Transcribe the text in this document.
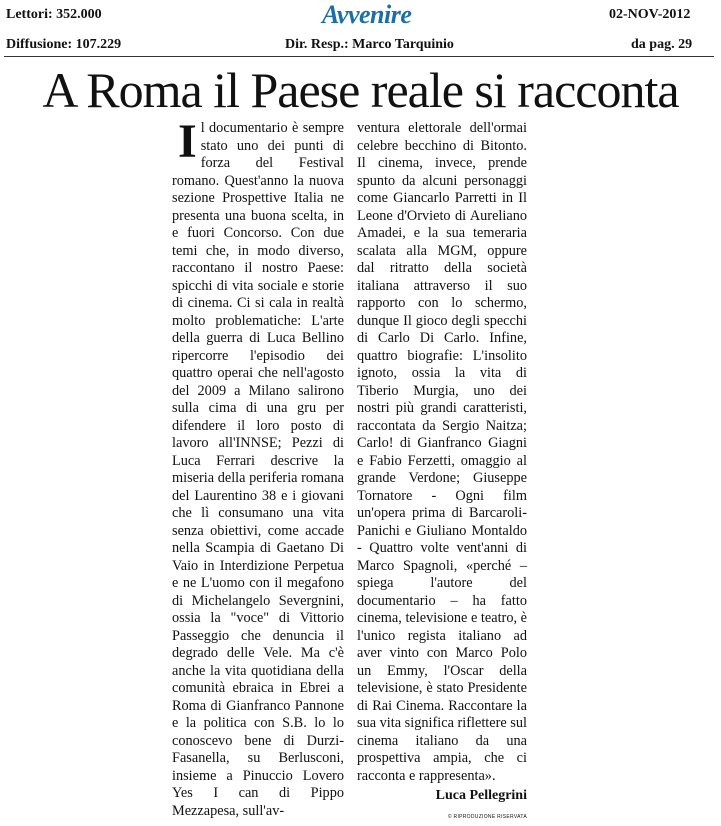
Lettori: 352.000	Avvenire	02-NOV-2012
Diffusione: 107.229	Dir. Resp.: Marco Tarquinio	da pag. 29
A Roma il Paese reale si racconta
I l documentario è sempre stato uno dei punti di forza del Festival romano. Quest'anno la nuova sezione Prospettive Italia ne presenta una buona scelta, in e fuori Concorso. Con due temi che, in modo diverso, raccontano il nostro Paese: spicchi di vita sociale e storie di cinema. Ci si cala in realtà molto problematiche: L'arte della guerra di Luca Bellino ripercorre l'episodio dei quattro operai che nell'agosto del 2009 a Milano salirono sulla cima di una gru per difendere il loro posto di lavoro all'INNSE; Pezzi di Luca Ferrari descrive la miseria della periferia romana del Laurentino 38 e i giovani che lì consumano una vita senza obiettivi, come accade nella Scampia di Gaetano Di Vaio in Interdizione Perpetua e ne L'uomo con il megafono di Michelangelo Severgnini, ossia la "voce" di Vittorio Passeggio che denuncia il degrado delle Vele. Ma c'è anche la vita quotidiana della comunità ebraica in Ebrei a Roma di Gianfranco Pannone e la politica con S.B. lo lo conoscevo bene di Durzi-Fasanella, su Berlusconi, insieme a Pinuccio Lovero Yes I can di Pippo Mezzapesa, sull'av-

ventura elettorale dell'ormai celebre becchino di Bitonto. Il cinema, invece, prende spunto da alcuni personaggi come Giancarlo Parretti in Il Leone d'Orvieto di Aureliano Amadei, e la sua temeraria scalata alla MGM, oppure dal ritratto della società italiana attraverso il suo rapporto con lo schermo, dunque Il gioco degli specchi di Carlo Di Carlo. Infine, quattro biografie: L'insolito ignoto, ossia la vita di Tiberio Murgia, uno dei nostri più grandi caratteristi, raccontata da Sergio Naitza; Carlo! di Gianfranco Giagni e Fabio Ferzetti, omaggio al grande Verdone; Giuseppe Tornatore - Ogni film un'opera prima di Barcaroli-Panichi e Giuliano Montaldo - Quattro volte vent'anni di Marco Spagnoli, «perché – spiega l'autore del documentario – ha fatto cinema, televisione e teatro, è l'unico regista italiano ad aver vinto con Marco Polo un Emmy, l'Oscar della televisione, è stato Presidente di Rai Cinema. Raccontare la sua vita significa riflettere sul cinema italiano da una prospettiva ampia, che ci racconta e rappresenta».

Luca Pellegrini
© RIPRODUZIONE RISERVATA
